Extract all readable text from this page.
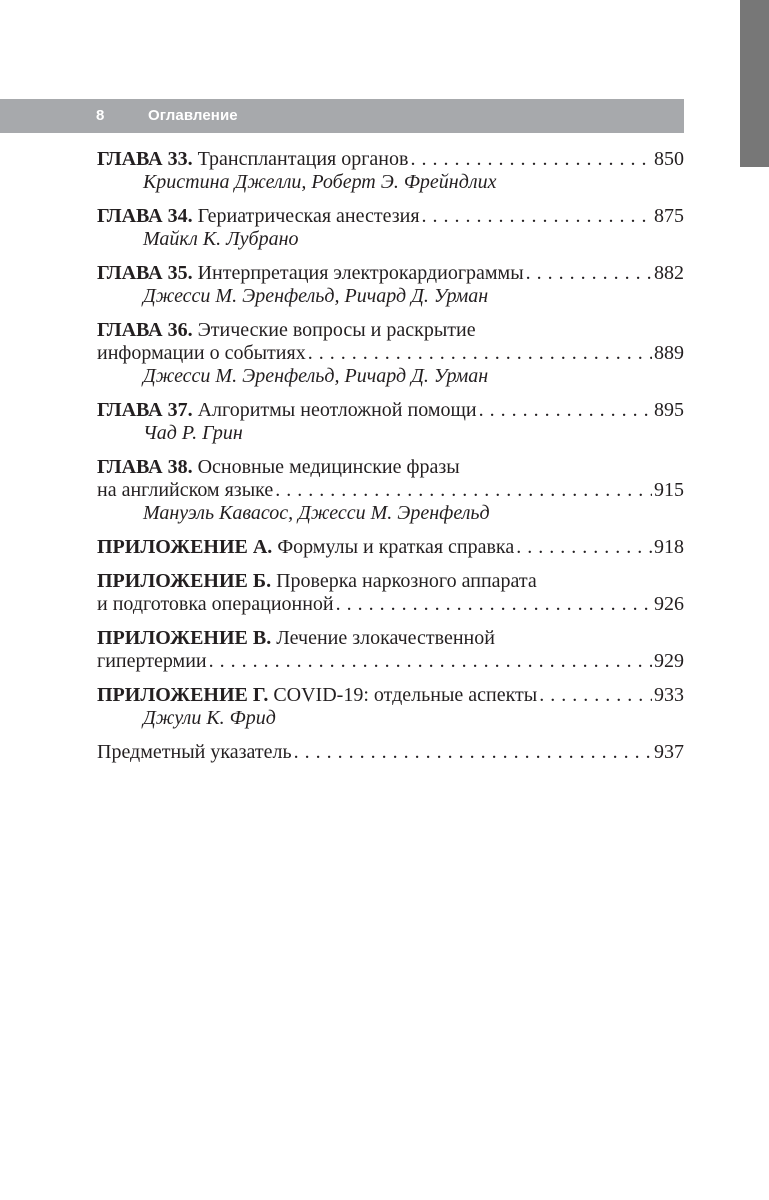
8	Оглавление
ГЛАВА 33. Трансплантация органов . . .	850
Кристина Джелли, Роберт Э. Фрейндлих
ГЛАВА 34. Гериатрическая анестезия . . .	875
Майкл К. Лубрано
ГЛАВА 35. Интерпретация электрокардиограммы . . .	882
Джесси М. Эренфельд, Ричард Д. Урман
ГЛАВА 36. Этические вопросы и раскрытие
информации о событиях . . .	889
Джесси М. Эренфельд, Ричард Д. Урман
ГЛАВА 37. Алгоритмы неотложной помощи . . .	895
Чад Р. Грин
ГЛАВА 38. Основные медицинские фразы
на английском языке . . .	915
Мануэль Кавасос, Джесси М. Эренфельд
ПРИЛОЖЕНИЕ А. Формулы и краткая справка . . .	918
ПРИЛОЖЕНИЕ Б. Проверка наркозного аппарата
и подготовка операционной . . .	926
ПРИЛОЖЕНИЕ В. Лечение злокачественной
гипертермии . . .	929
ПРИЛОЖЕНИЕ Г. COVID-19: отдельные аспекты . . .	933
Джули К. Фрид
Предметный указатель . . .	937
